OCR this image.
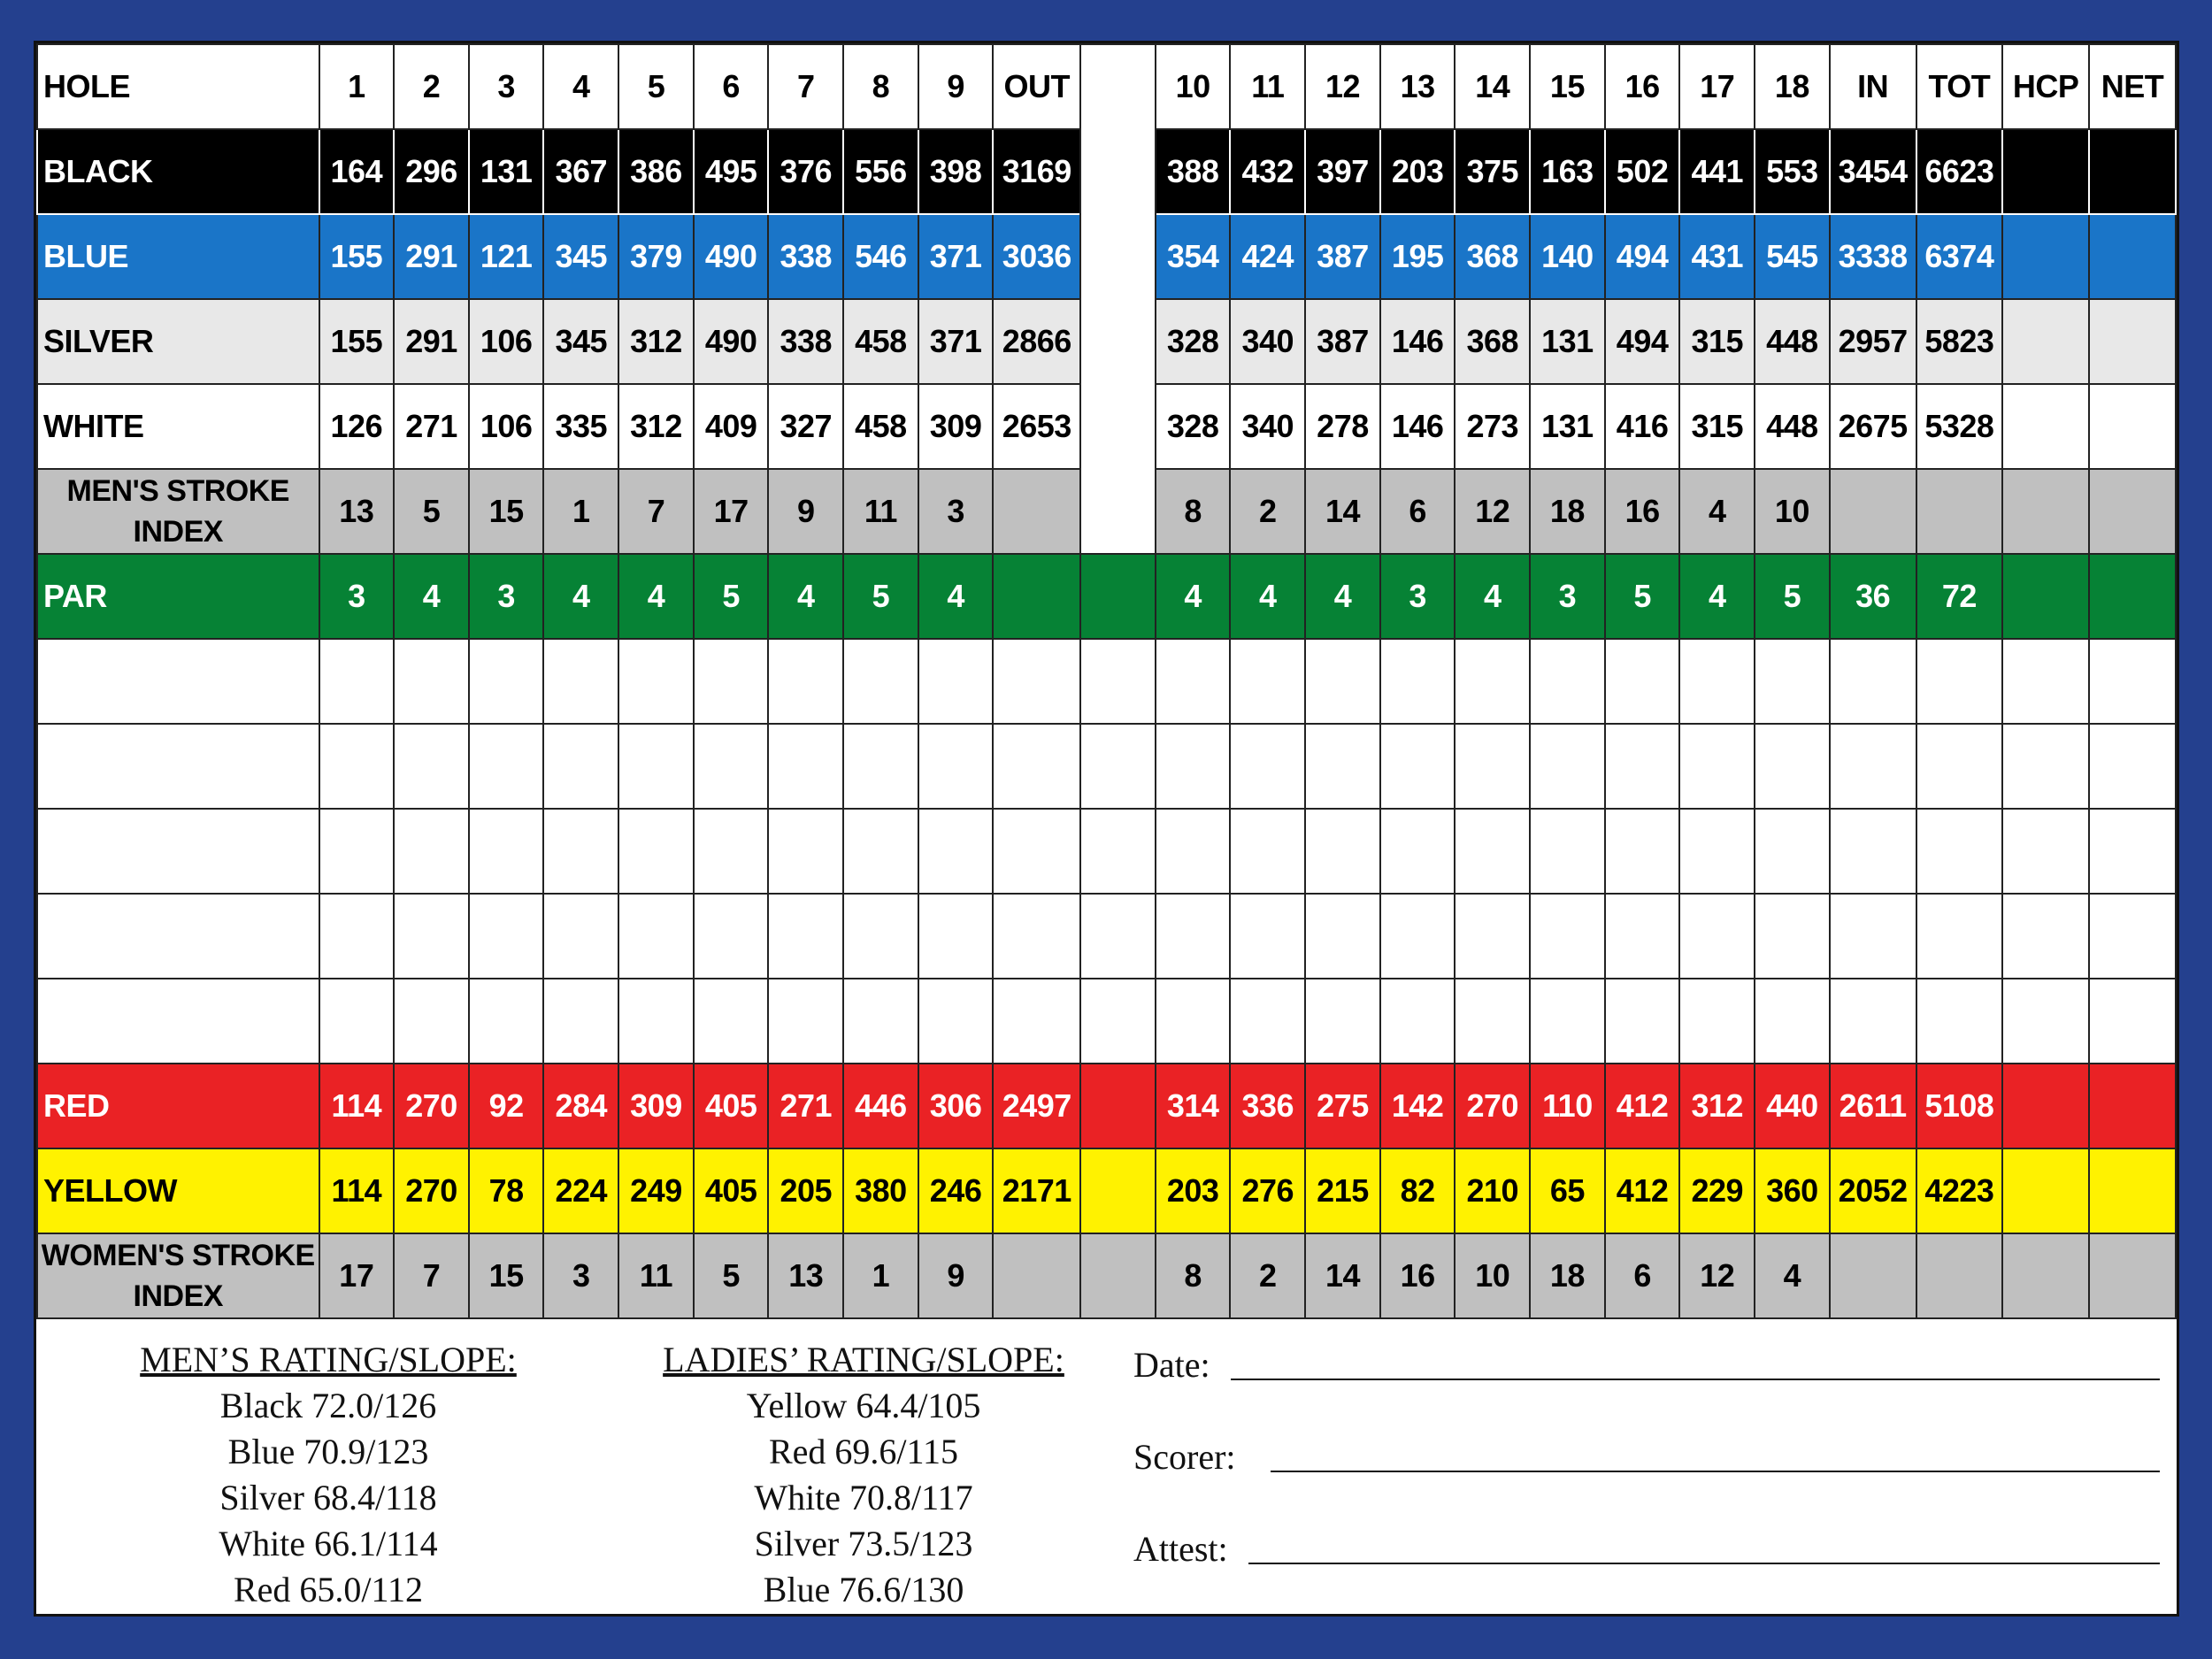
HOLE	1	2	3	4	5	6	7	8	9	OUT		10	11	12	13	14	15	16	17	18	IN	TOT	HCP	NET
BLACK	164	296	131	367	386	495	376	556	398	3169		388	432	397	203	375	163	502	441	553	3454	6623		
BLUE	155	291	121	345	379	490	338	546	371	3036		354	424	387	195	368	140	494	431	545	3338	6374		
SILVER	155	291	106	345	312	490	338	458	371	2866		328	340	387	146	368	131	494	315	448	2957	5823		
WHITE	126	271	106	335	312	409	327	458	309	2653		328	340	278	146	273	131	416	315	448	2675	5328		

MEN'S STROKE
INDEX	13	5	15	1	7	17	9	11	3			8	2	14	6	12	18	16	4	10				
PAR	3	4	3	4	4	5	4	5	4			4	4	4	3	4	3	5	4	5	36	72		

RED	114	270	92	284	309	405	271	446	306	2497		314	336	275	142	270	110	412	312	440	2611	5108		
YELLOW	114	270	78	224	249	405	205	380	246	2171		203	276	215	82	210	65	412	229	360	2052	4223		

WOMEN'S STROKE
INDEX	17	7	15	3	11	5	13	1	9			8	2	14	16	10	18	6	12	4				
MEN’S RATING/SLOPE:
Black 72.0/126
Blue 70.9/123
Silver 68.4/118
White 66.1/114
Red 65.0/112
LADIES’ RATING/SLOPE:
Yellow 64.4/105
Red 69.6/115
White 70.8/117
Silver 73.5/123
Blue 76.6/130
Date:
Scorer:
Attest:
